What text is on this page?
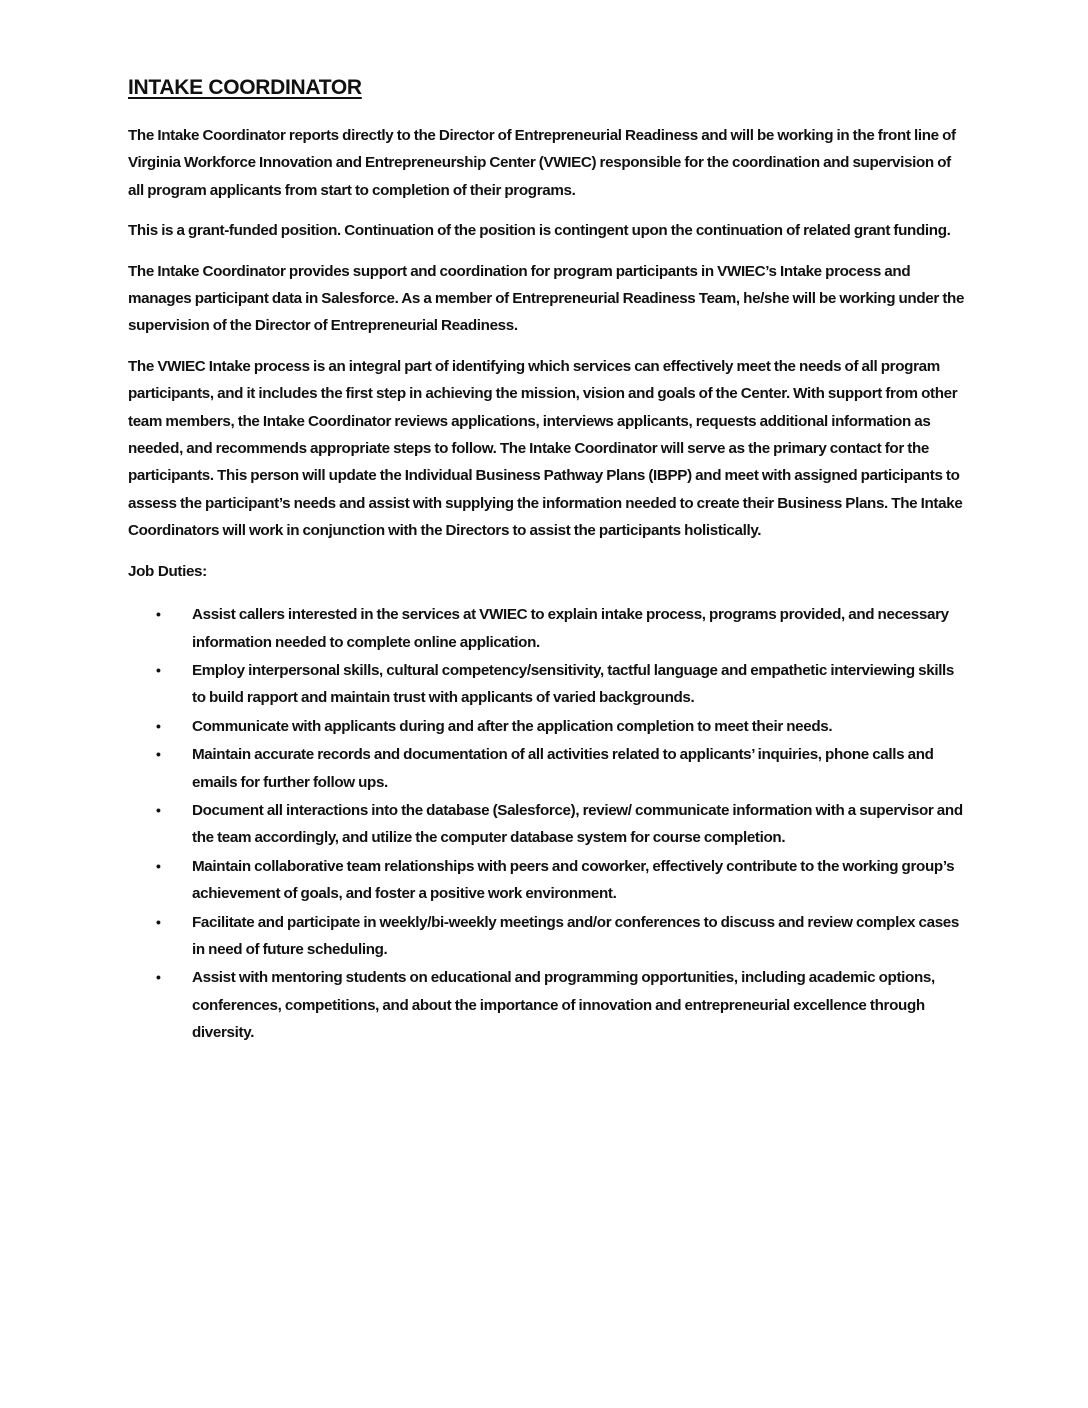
INTAKE COORDINATOR

The Intake Coordinator reports directly to the Director of Entrepreneurial Readiness and will be working in the front line of Virginia Workforce Innovation and Entrepreneurship Center (VWIEC) responsible for the coordination and supervision of all program applicants from start to completion of their programs.

This is a grant-funded position. Continuation of the position is contingent upon the continuation of related grant funding.

The Intake Coordinator provides support and coordination for program participants in VWIEC’s Intake process and manages participant data in Salesforce. As a member of Entrepreneurial Readiness Team, he/she will be working under the supervision of the Director of Entrepreneurial Readiness.

The VWIEC Intake process is an integral part of identifying which services can effectively meet the needs of all program participants, and it includes the first step in achieving the mission, vision and goals of the Center. With support from other team members, the Intake Coordinator reviews applications, interviews applicants, requests additional information as needed, and recommends appropriate steps to follow. The Intake Coordinator will serve as the primary contact for the participants. This person will update the Individual Business Pathway Plans (IBPP) and meet with assigned participants to assess the participant’s needs and assist with supplying the information needed to create their Business Plans. The Intake Coordinators will work in conjunction with the Directors to assist the participants holistically.

Job Duties:
• Assist callers interested in the services at VWIEC to explain intake process, programs provided, and necessary information needed to complete online application.
• Employ interpersonal skills, cultural competency/sensitivity, tactful language and empathetic interviewing skills to build rapport and maintain trust with applicants of varied backgrounds.
• Communicate with applicants during and after the application completion to meet their needs.
• Maintain accurate records and documentation of all activities related to applicants’ inquiries, phone calls and emails for further follow ups.
• Document all interactions into the database (Salesforce), review/ communicate information with a supervisor and the team accordingly, and utilize the computer database system for course completion.
• Maintain collaborative team relationships with peers and coworker, effectively contribute to the working group’s achievement of goals, and foster a positive work environment.
• Facilitate and participate in weekly/bi-weekly meetings and/or conferences to discuss and review complex cases in need of future scheduling.
• Assist with mentoring students on educational and programming opportunities, including academic options, conferences, competitions, and about the importance of innovation and entrepreneurial excellence through diversity.
